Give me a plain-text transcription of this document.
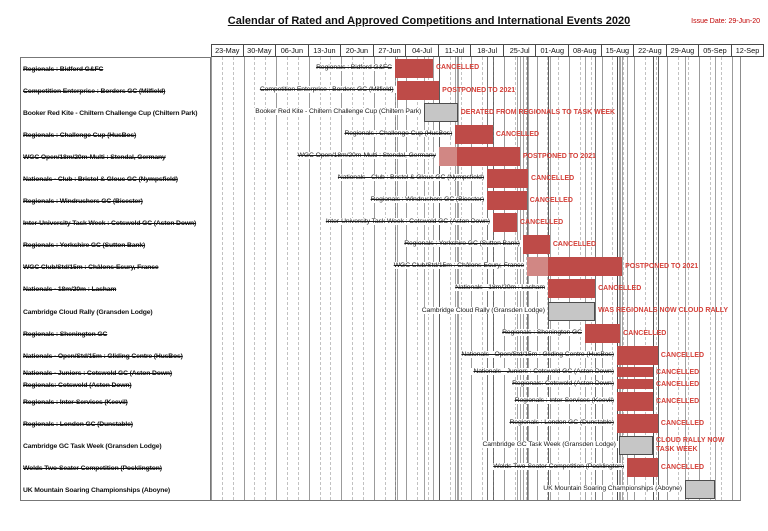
Calendar of Rated and Approved Competitions and International Events 2020	Issue Date: 29-Jun-20
23-May	30-May	06-Jun	13-Jun	20-Jun	27-Jun	04-Jul	11-Jul	18-Jul	25-Jul	01-Aug	08-Aug	15-Aug	22-Aug	29-Aug	05-Sep	12-Sep
Regionals : Bidford G&FC
Competition Enterprise : Borders GC (Milfield)
Booker Red Kite - Chiltern Challenge Cup (Chiltern Park)
Regionals : Challenge Cup (HusBos)
WGC Open/18m/20m-Multi : Stendal, Germany
Nationals - Club : Bristol & Glouc GC (Nympsfield)
Regionals : Windrushers GC (Bicester)
Inter-University Task Week : Cotswold GC (Aston Down)
Regionals : Yorkshire GC (Sutton Bank)
WGC Club/Std/15m : Châlons-Ecury, France
Nationals - 18m/20m : Lasham
Cambridge Cloud Rally (Gransden Lodge)
Regionals : Shenington GC
Nationals - Open/Std/15m : Gliding Centre (HusBos)
Nationals - Juniors : Cotswold GC (Aston Down)
Regionals: Cotswold (Aston Down)
Regionals : Inter-Services (Keevil)
Regionals : London GC (Dunstable)
Cambridge GC Task Week (Gransden Lodge)
Wolds Two-Seater Competition (Pocklington)
UK Mountain Soaring Championships (Aboyne)
Regionals : Bidford G&FC	CANCELLED
Competition Enterprise : Borders GC (Milfield)	POSTPONED TO 2021
Booker Red Kite - Chiltern Challenge Cup (Chiltern Park)	DERATED FROM REGIONALS TO TASK WEEK
Regionals : Challenge Cup (HusBos)	CANCELLED
WGC Open/18m/20m-Multi : Stendal, Germany	POSTPONED TO 2021
Nationals - Club : Bristol & Glouc GC (Nympsfield)	CANCELLED
Regionals : Windrushers GC (Bicester)	CANCELLED
Inter-University Task Week : Cotswold GC (Aston Down)	CANCELLED
Regionals : Yorkshire GC (Sutton Bank)	CANCELLED
WGC Club/Std/15m : Châlons-Ecury, France	POSTPONED TO 2021
Nationals - 18m/20m : Lasham	CANCELLED
Cambridge Cloud Rally (Gransden Lodge)	WAS REGIONALS NOW CLOUD RALLY
Regionals : Shenington GC	CANCELLED
Nationals - Open/Std/15m : Gliding Centre (HusBos)	CANCELLED
Nationals - Juniors : Cotswold GC (Aston Down)	CANCELLED
Regionals: Cotswold (Aston Down)	CANCELLED
Regionals : Inter-Services (Keevil)	CANCELLED
Regionals : London GC (Dunstable)	CANCELLED
Cambridge GC Task Week (Gransden Lodge)
CLOUD RALLY NOW
TASK WEEK
Wolds Two-Seater Competition (Pocklington)	CANCELLED
UK Mountain Soaring Championships (Aboyne)
